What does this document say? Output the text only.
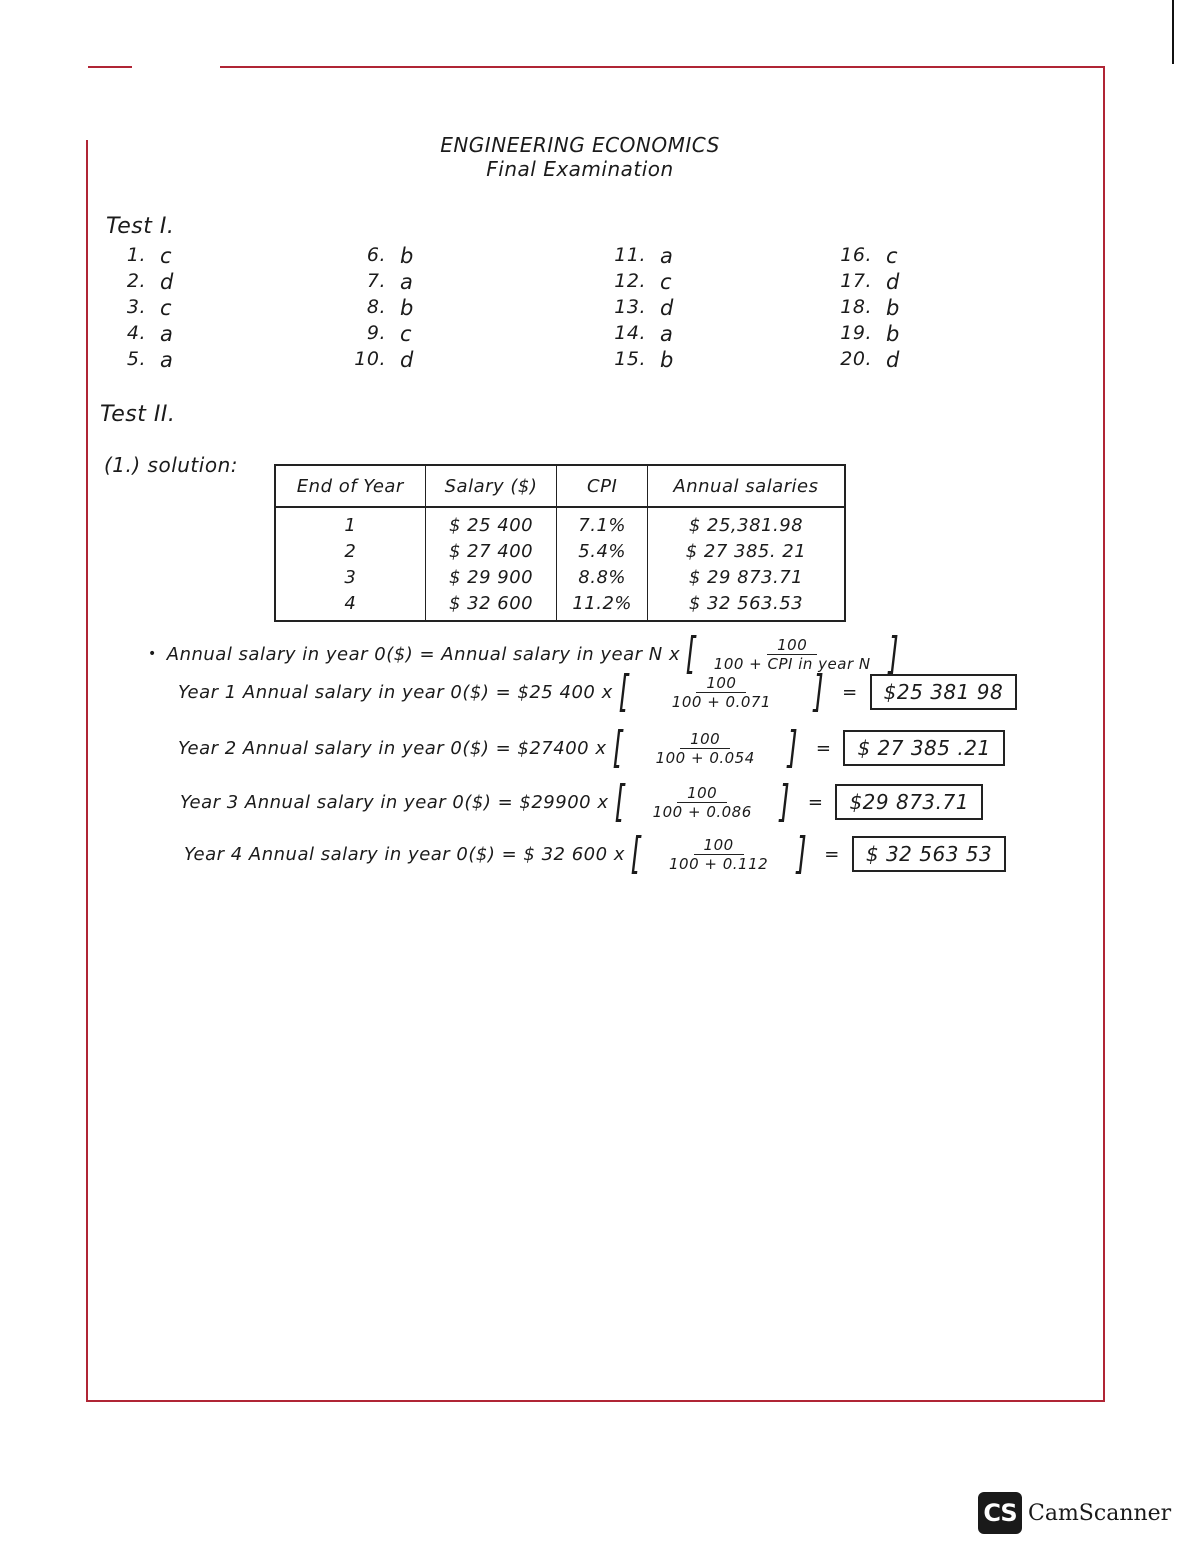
ENGINEERING ECONOMICS
Final Examination
Test I.
1. c
2. d
3. c
4. a
5. a
6. b
7. a
8. b
9. c
10. d
11. a
12. c
13. d
14. a
15. b
16. c
17. d
18. b
19. b
20. d
Test II.
(1.) solution:
End of Year	Salary ($)	CPI	Annual salaries
1	$ 25 400	7.1%	$ 25,381.98
2	$ 27 400	5.4%	$ 27 385. 21
3	$ 29 900	8.8%	$ 29 873.71
4	$ 32 600	11.2%	$ 32 563.53
• Annual salary in year 0($) = Annual salary in year N x [ $\frac{100}{\text{100 + CPI in year N}}$ ]
Year 1 Annual salary in year 0($) = $25 400 x [ $\frac{100}{100 + 0.071}$ ] =	$25 381 98
Year 2 Annual salary in year 0($) = $27400 x [ $\frac{100}{100 + 0.054}$ ] =	$ 27 385 .21
Year 3 Annual salary in year 0($) = $29900 x [ $\frac{100}{100 + 0.086}$ ] =	$29 873.71
Year 4 Annual salary in year 0($) = $ 32 600 x [ $\frac{100}{100 + 0.112}$ ] =	$ 32 563 53
CS CamScanner
